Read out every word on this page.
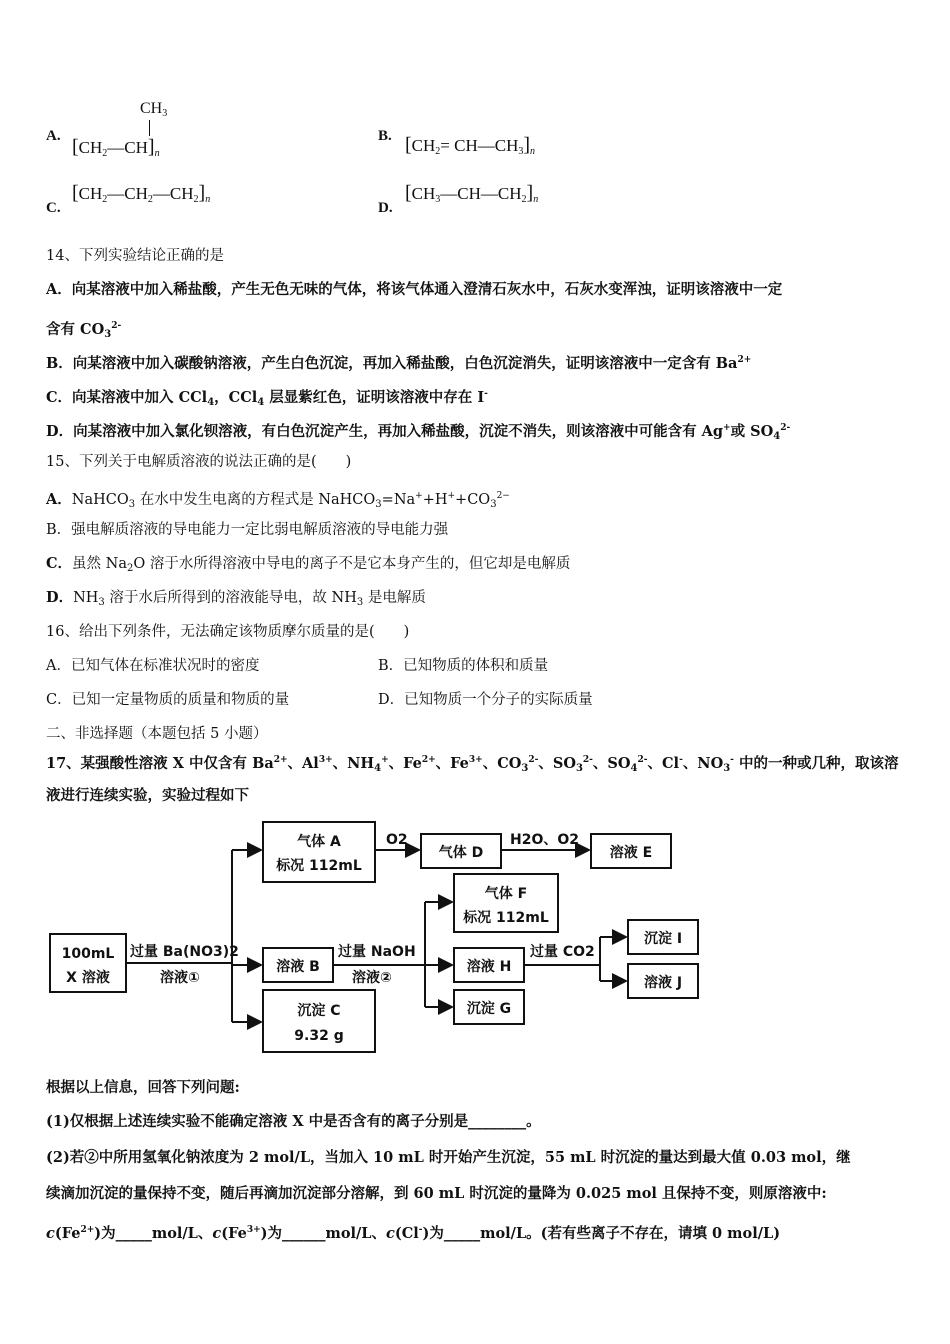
A.
$CH_3$
$[CH_2—CH]_n$
B. [$CH_2=$ $CH—CH_3]_n$
C.
$[CH_2—CH_2—CH_2]_n$
D.
$[CH_3—CH—CH_2]_n$
14、下列实验结论正确的是
A．向某溶液中加入稀盐酸，产生无色无味的气体，将该气体通入澄清石灰水中，石灰水变浑浊，证明该溶液中一定
含有 $CO_3^{2-}$
B．向某溶液中加入碳酸钠溶液，产生白色沉淀，再加入稀盐酸，白色沉淀消失，证明该溶液中一定含有 $Ba^{2+}$
C．向某溶液中加入 CCl$_4$，CCl$_4$ 层显紫红色，证明该溶液中存在 I-
D．向某溶液中加入氯化钡溶液，有白色沉淀产生，再加入稀盐酸，沉淀不消失，则该溶液中可能含有 Ag+或 $SO_4^{2-}$
15、下列关于电解质溶液的说法正确的是(　　)
A．NaHCO$_3$ 在水中发生电离的方程式是 $NaHCO_3=Na^++H^++CO_3^{2-}$
B．强电解质溶液的导电能力一定比弱电解质溶液的导电能力强
C．虽然 $Na_2O$ 溶于水所得溶液中导电的离子不是它本身产生的，但它却是电解质
D．$NH_3$ 溶于水后所得到的溶液能导电，故 $NH_3$ 是电解质
16、给出下列条件，无法确定该物质摩尔质量的是(　　)
A．已知气体在标准状况时的密度	B．已知物质的体积和质量
C．已知一定量物质的质量和物质的量	D．已知物质一个分子的实际质量
二、非选择题（本题包括 5 小题）
17、某强酸性溶液 X 中仅含有 $Ba^{2+}$、$Al^{3+}$、$NH_4^+$、$Fe^{2+}$、$Fe^{3+}$、$CO_3^{2-}$、$SO_3^{2-}$、$SO_4^{2-}$、Cl-、$NO_3^-$ 中的一种或几种，取该溶
液进行连续实验，实验过程如下
100mL
X 溶液
过量 Ba(NO3)2
溶液①
气体 A
标况 112mL
O2
气体 D
H2O、O2
溶液 E
溶液 B
沉淀 C
9.32 g
过量 NaOH
溶液②
气体 F
标况 112mL
溶液 H
沉淀 G
过量 CO2
沉淀 I
溶液 J
根据以上信息，回答下列问题:
(1)仅根据上述连续实验不能确定溶液 X 中是否含有的离子分别是________。
(2)若②中所用氢氧化钠浓度为 2 mol/L，当加入 10 mL 时开始产生沉淀，55 mL 时沉淀的量达到最大值 0.03 mol，继
续滴加沉淀的量保持不变，随后再滴加沉淀部分溶解，到 60 mL 时沉淀的量降为 0.025 mol 且保持不变，则原溶液中:
$c(Fe^{2+})$为_____mol/L、$c(Fe^{3+})$为______mol/L、c(Cl-)为_____mol/L。(若有些离子不存在，请填 0 mol/L)
